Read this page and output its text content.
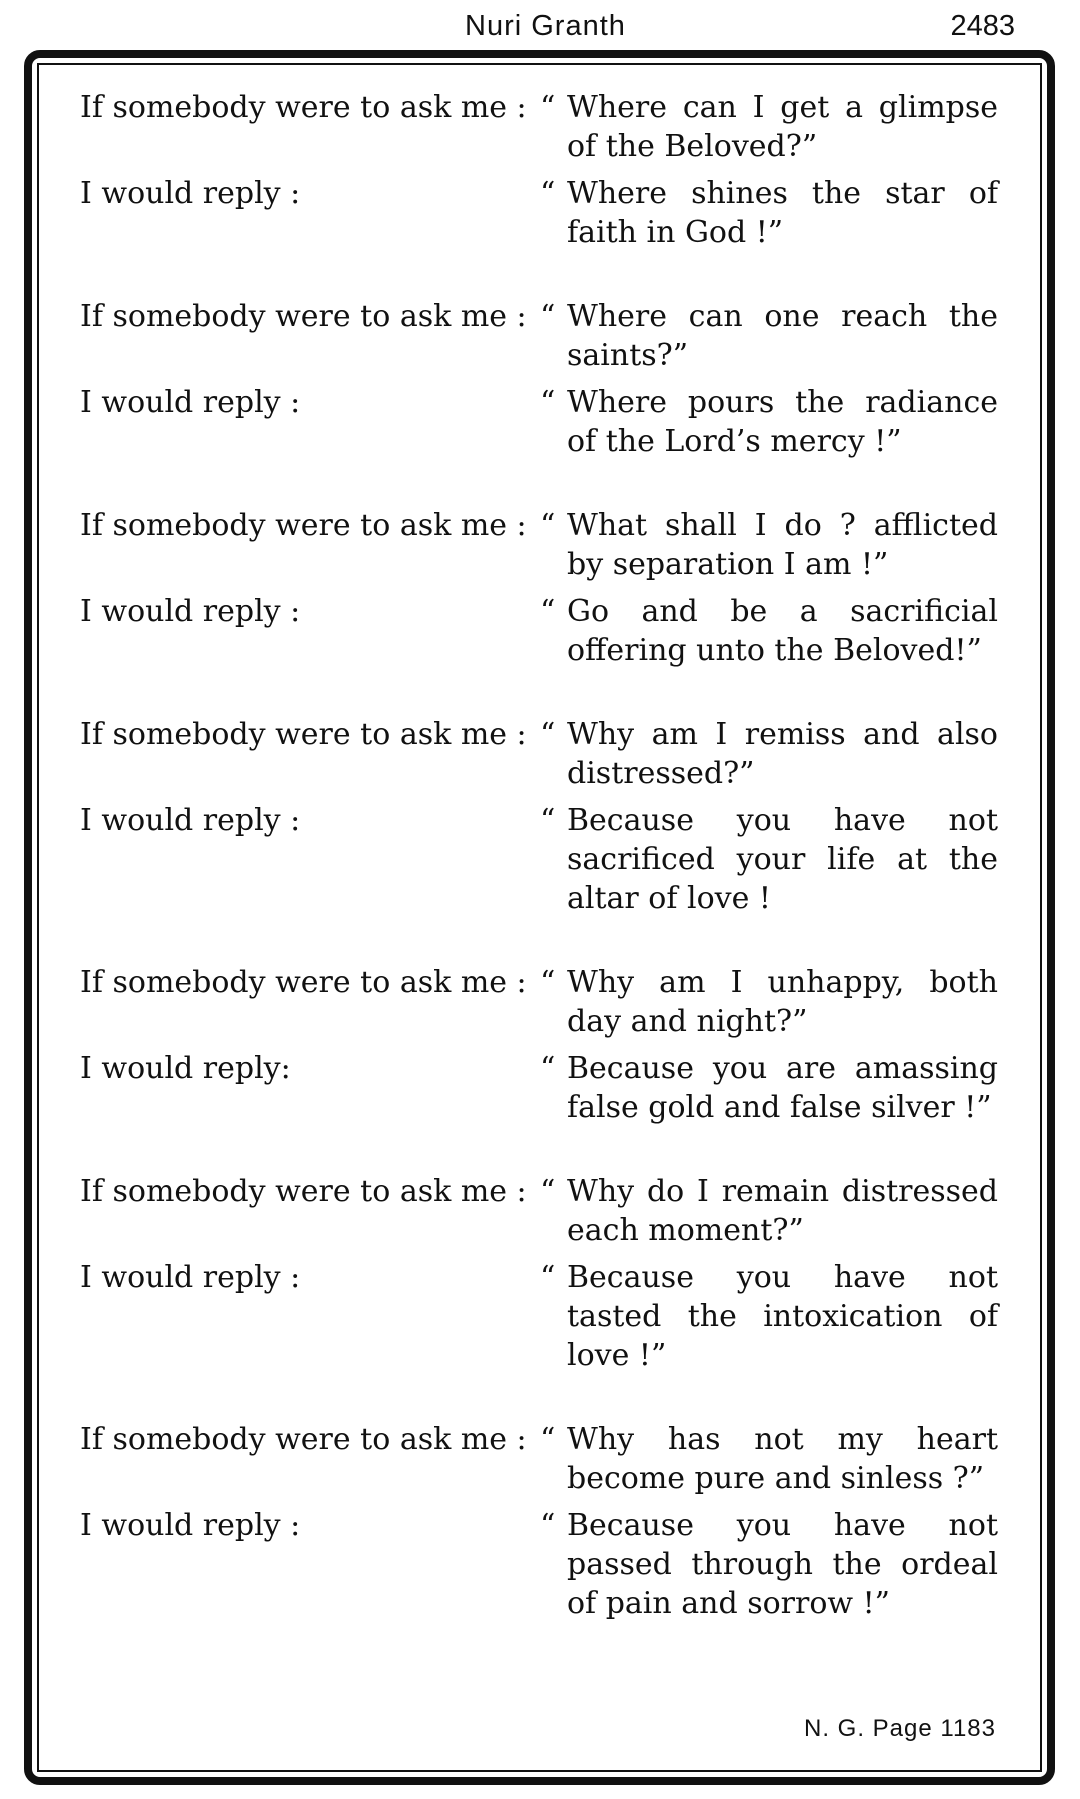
Nuri Granth	2483
If somebody were to ask me : “ Where can I get a glimpse of the Beloved?”
I would reply :	“ Where shines the star of faith in God !”
If somebody were to ask me : “ Where can one reach the saints?”
I would reply :	“ Where pours the radiance of the Lord’s mercy !”
If somebody were to ask me : “ What shall I do ? afflicted by separation I am !”
I would reply :	“ Go and be a sacrificial offering unto the Beloved!”
If somebody were to ask me : “ Why am I remiss and also distressed?”
I would reply :	“ Because you have not sacrificed your life at the altar of love !
If somebody were to ask me : “ Why am I unhappy, both day and night?”
I would reply:	“ Because you are amassing false gold and false silver !”
If somebody were to ask me : “ Why do I remain distressed each moment?”
I would reply :	“ Because you have not tasted the intoxication of love !”
If somebody were to ask me : “ Why has not my heart become pure and sinless ?”
I would reply :	“ Because you have not passed through the ordeal of pain and sorrow !”
N. G. Page 1183
